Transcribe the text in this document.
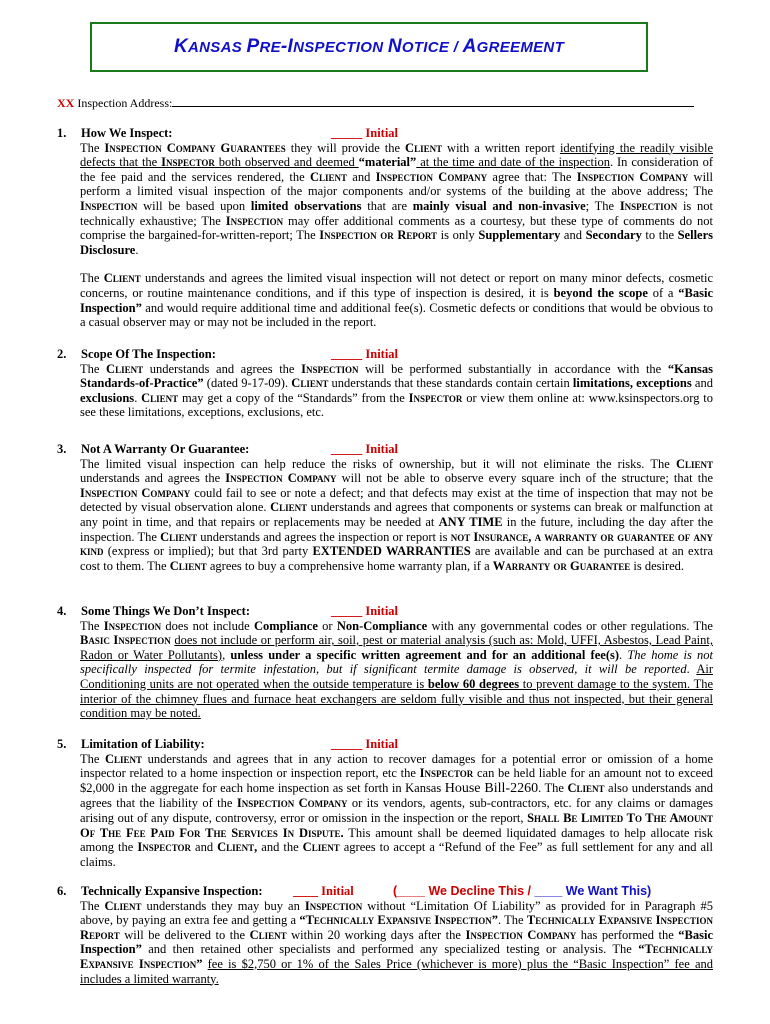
KANSAS PRE-INSPECTION NOTICE / AGREEMENT
XX Inspection Address:
1.	How We Inspect:	_____ Initial

The Inspection Company Guarantees they will provide the Client with a written report identifying the readily visible defects that the Inspector both observed and deemed “material” at the time and date of the inspection. In consideration of the fee paid and the services rendered, the Client and Inspection Company agree that: The Inspection Company will perform a limited visual inspection of the major components and/or systems of the building at the above address; The Inspection will be based upon limited observations that are mainly visual and non-invasive; The Inspection is not technically exhaustive; The Inspection may offer additional comments as a courtesy, but these type of comments do not comprise the bargained-for-written-report; The Inspection or Report is only Supplementary and Secondary to the Sellers Disclosure.

The Client understands and agrees the limited visual inspection will not detect or report on many minor defects, cosmetic concerns, or routine maintenance conditions, and if this type of inspection is desired, it is beyond the scope of a “Basic Inspection” and would require additional time and additional fee(s). Cosmetic defects or conditions that would be obvious to a casual observer may or may not be included in the report.

2.	Scope Of The Inspection:	_____ Initial

The Client understands and agrees the Inspection will be performed substantially in accordance with the “Kansas Standards-of-Practice” (dated 9-17-09). Client understands that these standards contain certain limitations, exceptions and exclusions. Client may get a copy of the “Standards” from the Inspector or view them online at: www.ksinspectors.org to see these limitations, exceptions, exclusions, etc.

3.	Not A Warranty Or Guarantee:	_____ Initial

The limited visual inspection can help reduce the risks of ownership, but it will not eliminate the risks. The Client understands and agrees the Inspection Company will not be able to observe every square inch of the structure; that the Inspection Company could fail to see or note a defect; and that defects may exist at the time of inspection that may not be detected by visual observation alone. Client understands and agrees that components or systems can break or malfunction at any point in time, and that repairs or replacements may be needed at ANY TIME in the future, including the day after the inspection. The Client understands and agrees the inspection or report is not Insurance, a warranty or guarantee of any kind (express or implied); but that 3rd party EXTENDED WARRANTIES are available and can be purchased at an extra cost to them. The Client agrees to buy a comprehensive home warranty plan, if a Warranty or Guarantee is desired.

4.	Some Things We Don’t Inspect:	_____ Initial

The Inspection does not include Compliance or Non-Compliance with any governmental codes or other regulations. The Basic Inspection does not include or perform air, soil, pest or material analysis (such as: Mold, UFFI, Asbestos, Lead Paint, Radon or Water Pollutants), unless under a specific written agreement and for an additional fee(s). The home is not specifically inspected for termite infestation, but if significant termite damage is observed, it will be reported. Air Conditioning units are not operated when the outside temperature is below 60 degrees to prevent damage to the system. The interior of the chimney flues and furnace heat exchangers are seldom fully visible and thus not inspected, but their general condition may be noted.

5.	Limitation of Liability:	_____ Initial

The Client understands and agrees that in any action to recover damages for a potential error or omission of a home inspector related to a home inspection or inspection report, etc the Inspector can be held liable for an amount not to exceed $2,000 in the aggregate for each home inspection as set forth in Kansas House Bill-2260. The Client also understands and agrees that the liability of the Inspection Company or its vendors, agents, sub-contractors, etc. for any claims or damages arising out of any dispute, controversy, error or omission in the inspection or the report, Shall Be Limited To The Amount Of The Fee Paid For The Services In Dispute. This amount shall be deemed liquidated damages to help allocate risk among the Inspector and Client, and the Client agrees to accept a “Refund of the Fee” as full settlement for any and all claims.

6.	Technically Expansive Inspection:	____ Initial	(____ We Decline This / ____ We Want This )

The Client understands they may buy an Inspection without “Limitation Of Liability” as provided for in Paragraph #5 above, by paying an extra fee and getting a “Technically Expansive Inspection”. The Technically Expansive Inspection Report will be delivered to the Client within 20 working days after the Inspection Company has performed the “Basic Inspection” and then retained other specialists and performed any specialized testing or analysis. The “Technically Expansive Inspection” fee is $2,750 or 1% of the Sales Price (whichever is more) plus the “Basic Inspection” fee and includes a limited warranty.
